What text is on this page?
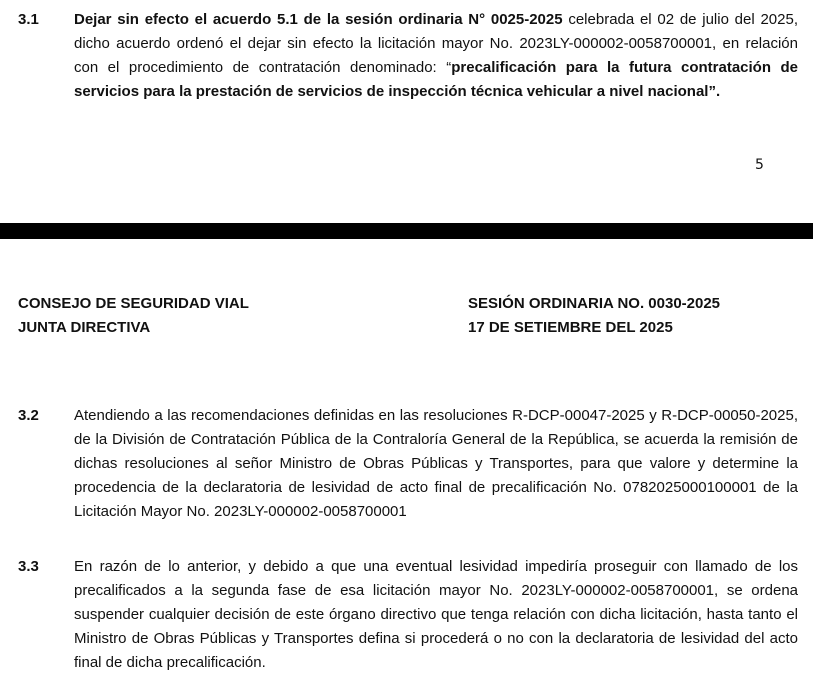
3.1 Dejar sin efecto el acuerdo 5.1 de la sesión ordinaria N° 0025-2025 celebrada el 02 de julio del 2025, dicho acuerdo ordenó el dejar sin efecto la licitación mayor No. 2023LY-000002-0058700001, en relación con el procedimiento de contratación denominado: “precalificación para la futura contratación de servicios para la prestación de servicios de inspección técnica vehicular a nivel nacional”.
5
CONSEJO DE SEGURIDAD VIAL
JUNTA DIRECTIVA
SESIÓN ORDINARIA NO. 0030-2025
17 DE SETIEMBRE DEL 2025
3.2 Atendiendo a las recomendaciones definidas en las resoluciones R-DCP-00047-2025 y R-DCP-00050-2025, de la División de Contratación Pública de la Contraloría General de la República, se acuerda la remisión de dichas resoluciones al señor Ministro de Obras Públicas y Transportes, para que valore y determine la procedencia de la declaratoria de lesividad de acto final de precalificación No. 0782025000100001 de la Licitación Mayor No. 2023LY-000002-0058700001
3.3 En razón de lo anterior, y debido a que una eventual lesividad impediría proseguir con llamado de los precalificados a la segunda fase de esa licitación mayor No. 2023LY-000002-0058700001, se ordena suspender cualquier decisión de este órgano directivo que tenga relación con dicha licitación, hasta tanto el Ministro de Obras Públicas y Transportes defina si procederá o no con la declaratoria de lesividad del acto final de dicha precalificación.
